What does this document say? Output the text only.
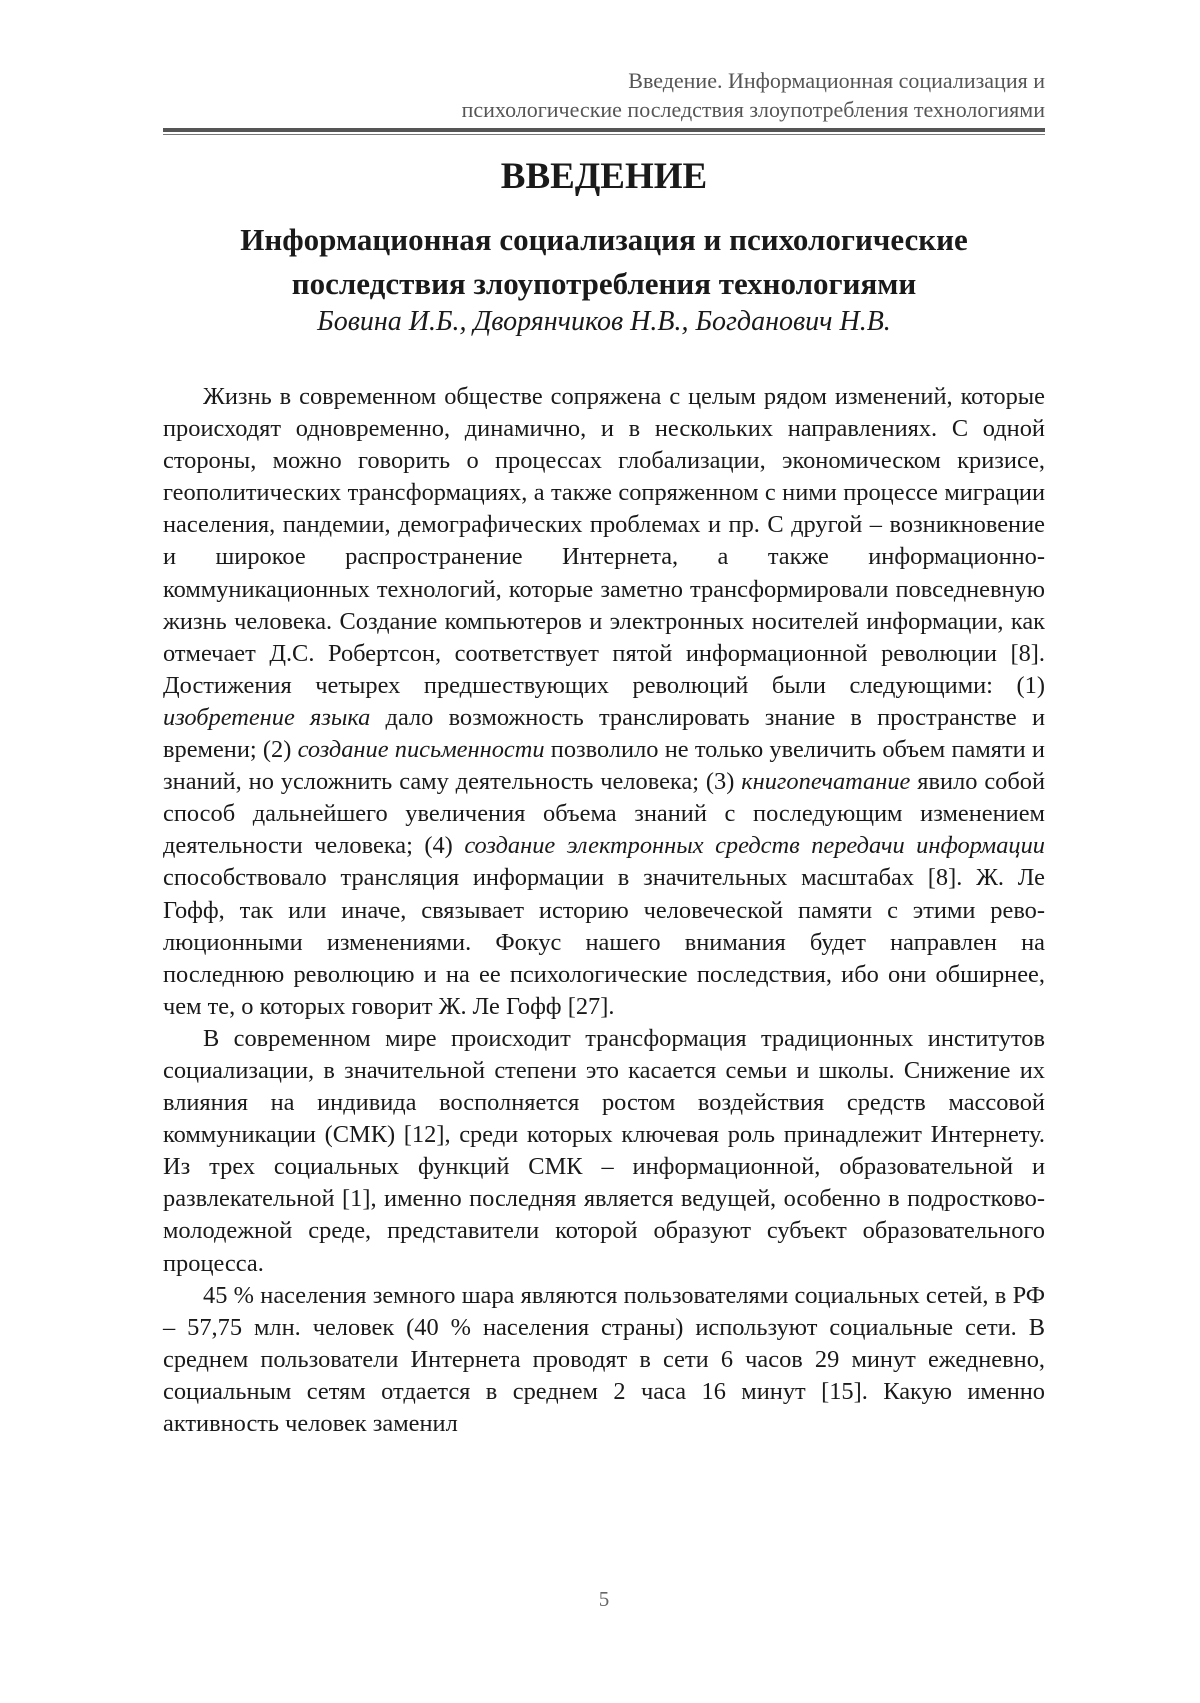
Введение. Информационная социализация и
психологические последствия злоупотребления технологиями
ВВЕДЕНИЕ
Информационная социализация и психологические
последствия злоупотребления технологиями
Бовина И.Б., Дворянчиков Н.В., Богданович Н.В.

Жизнь в современном обществе сопряжена с целым рядом изменений, которые происходят одновременно, динамично, и в нескольких направлениях. С одной стороны, можно говорить о процессах глобализации, экономическом кризисе, геополитических трансформациях, а также сопряженном с ними процессе миграции населения, пандемии, демографических проблемах и пр. С другой – возникновение и широкое распространение Интернета, а также информационно-коммуникационных технологий, которые заметно трансформировали повседневную жизнь человека. Создание компьютеров и электронных носителей информации, как отмечает Д.С. Робертсон, соответствует пятой информационной революции [8]. Достижения четырех предшествующих революций были следующими: (1) изобретение языка дало возможность транслировать знание в пространстве и времени; (2) создание письменности позволило не только увеличить объем памяти и знаний, но усложнить саму деятельность человека; (3) книгопечатание явило собой способ дальнейшего увеличения объема знаний с последующим изменением деятельности человека; (4) создание электронных средств передачи информации способствовало трансляция информации в значительных масштабах [8]. Ж. Ле Гофф, так или иначе, связывает историю человеческой памяти с этими революционными изменениями. Фокус нашего внимания будет направлен на последнюю революцию и на ее психологические последствия, ибо они обширнее, чем те, о которых говорит Ж. Ле Гофф [27].

В современном мире происходит трансформация традиционных институтов социализации, в значительной степени это касается семьи и школы. Снижение их влияния на индивида восполняется ростом воздействия средств массовой коммуникации (СМК) [12], среди которых ключевая роль принадлежит Интернету. Из трех социальных функций СМК – информационной, образовательной и развлекательной [1], именно последняя является ведущей, особенно в подростково-молодежной среде, представители которой образуют субъект образовательного процесса.

45 % населения земного шара являются пользователями социальных сетей, в РФ – 57,75 млн. человек (40 % населения страны) используют социальные сети. В среднем пользователи Интернета проводят в сети 6 часов 29 минут ежедневно, социальным сетям отдается в среднем 2 часа 16 минут [15]. Какую именно активность человек заменил

5
